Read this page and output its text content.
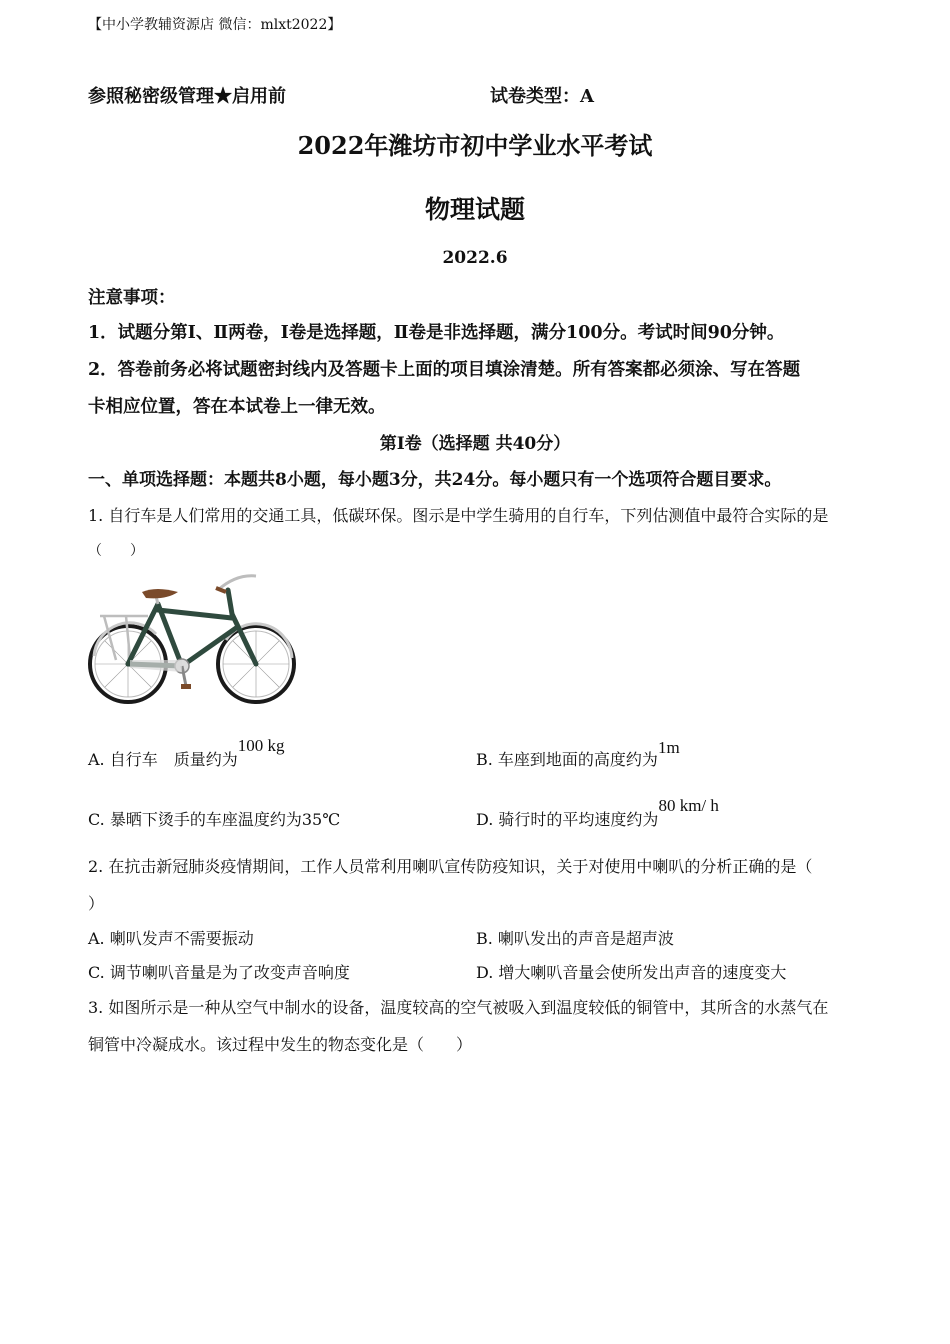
【中小学教辅资源店 微信：mlxt2022】
参照秘密级管理★启用前	试卷类型：A
2022年潍坊市初中学业水平考试
物理试题
2022.6
注意事项：
1．试题分第Ⅰ、Ⅱ两卷，Ⅰ卷是选择题，Ⅱ卷是非选择题，满分100分。考试时间90分钟。
2．答卷前务必将试题密封线内及答题卡上面的项目填涂清楚。所有答案都必须涂、写在答题
卡相应位置，答在本试卷上一律无效。
第Ⅰ卷（选择题 共40分）
一、单项选择题：本题共8小题，每小题3分，共24分。每小题只有一个选项符合题目要求。
1. 自行车是人们常用的交通工具，低碳环保。图示是中学生骑用的自行车，下列估测值中最符合实际的是
（　　）
A. 自行车　质量约为100 kg
B. 车座到地面的高度约为1m
C. 暴晒下烫手的车座温度约为35℃	D. 骑行时的平均速度约为80 km/ h
2. 在抗击新冠肺炎疫情期间，工作人员常利用喇叭宣传防疫知识，关于对使用中喇叭的分析正确的是（
）
A. 喇叭发声不需要振动	B. 喇叭发出的声音是超声波
C. 调节喇叭音量是为了改变声音响度	D. 增大喇叭音量会使所发出声音的速度变大
3. 如图所示是一种从空气中制水的设备，温度较高的空气被吸入到温度较低的铜管中，其所含的水蒸气在
铜管中冷凝成水。该过程中发生的物态变化是（　　）
